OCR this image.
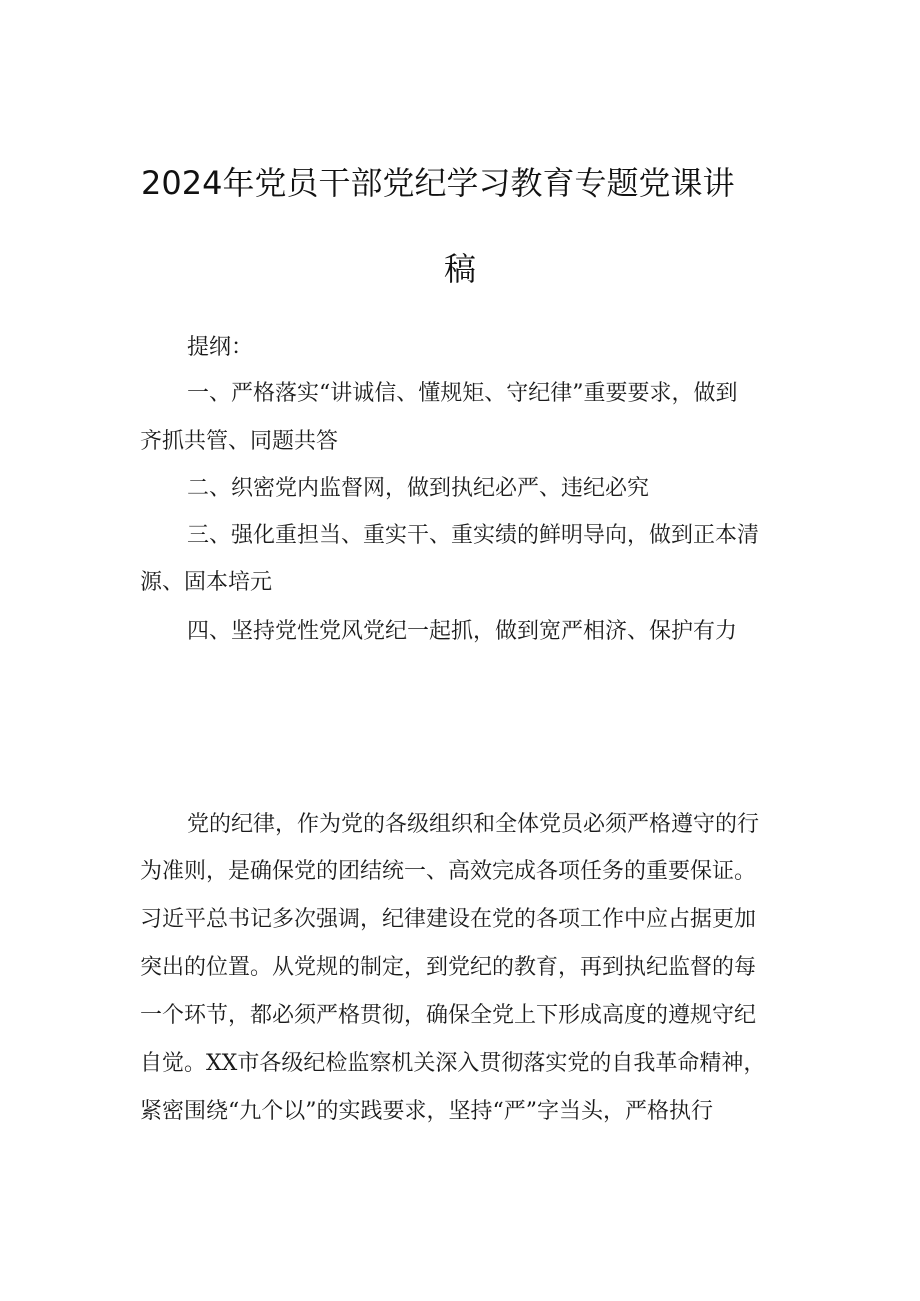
2024年党员干部党纪学习教育专题党课讲
稿
提纲：
一、严格落实“讲诚信、懂规矩、守纪律”重要要求，做到
齐抓共管、同题共答
二、织密党内监督网，做到执纪必严、违纪必究
三、强化重担当、重实干、重实绩的鲜明导向，做到正本清
源、固本培元
四、坚持党性党风党纪一起抓，做到宽严相济、保护有力
党的纪律，作为党的各级组织和全体党员必须严格遵守的行
为准则，是确保党的团结统一、高效完成各项任务的重要保证。
习近平总书记多次强调，纪律建设在党的各项工作中应占据更加
突出的位置。从党规的制定，到党纪的教育，再到执纪监督的每
一个环节，都必须严格贯彻，确保全党上下形成高度的遵规守纪
自觉。XX市各级纪检监察机关深入贯彻落实党的自我革命精神，
紧密围绕“九个以”的实践要求，坚持“严”字当头，严格执行
